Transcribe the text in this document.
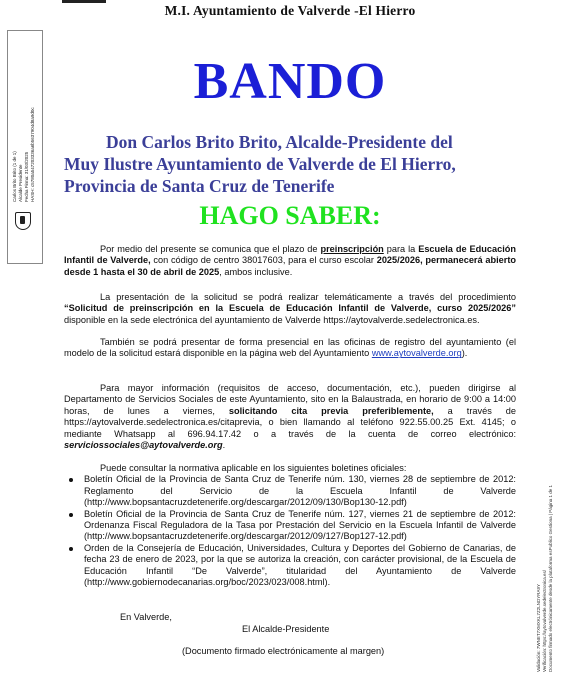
M.I. Ayuntamiento de Valverde -El Hierro
Carlos Brito Brito (1 de 1) Alcalde Presidente Fecha Firma: 31/03/2025 HASH: c5780a547203336a6b5637904d8a9d0c
Validación: 7WNET7XMXKL7Z2LNDYRA9Y Verificación: https://aytovalverde.sedelectronica.es/ Documento firmado electrónicamente desde la plataforma esPublico Gestiona | Página 1 de 1
BANDO
Don Carlos Brito Brito, Alcalde-Presidente del
Muy Ilustre Ayuntamiento de Valverde de El Hierro,
Provincia de Santa Cruz de Tenerife
HAGO SABER:

Por medio del presente se comunica que el plazo de preinscripción para la Escuela de Educación Infantil de Valverde, con código de centro 38017603, para el curso escolar 2025/2026, permanecerá abierto desde 1 hasta el 30 de abril de 2025, ambos inclusive.

La presentación de la solicitud se podrá realizar telemáticamente a través del procedimiento “Solicitud de preinscripción en la Escuela de Educación Infantil de Valverde, curso 2025/2026” disponible en la sede electrónica del ayuntamiento de Valverde https://aytovalverde.sedelectronica.es.

También se podrá presentar de forma presencial en las oficinas de registro del ayuntamiento (el modelo de la solicitud estará disponible en la página web del Ayuntamiento www.aytovalverde.org).

Para mayor información (requisitos de acceso, documentación, etc.), pueden dirigirse al Departamento de Servicios Sociales de este Ayuntamiento, sito en la Balaustrada, en horario de 9:00 a 14:00 horas, de lunes a viernes, solicitando cita previa preferiblemente, a través de https://aytovalverde.sedelectronica.es/citaprevia, o bien llamando al teléfono 922.55.00.25 Ext. 4145; o mediante Whatsapp al 696.94.17.42 o a través de la cuenta de correo electrónico: serviciossociales@aytovalverde.org.

Puede consultar la normativa aplicable en los siguientes boletines oficiales:

Boletín Oficial de la Provincia de Santa Cruz de Tenerife núm. 130, viernes 28 de septiembre de 2012: Reglamento del Servicio de la Escuela Infantil de Valverde (http://www.bopsantacruzdetenerife.org/descargar/2012/09/130/Bop130-12.pdf)
Boletín Oficial de la Provincia de Santa Cruz de Tenerife núm. 127, viernes 21 de septiembre de 2012: Ordenanza Fiscal Reguladora de la Tasa por Prestación del Servicio en la Escuela Infantil de Valverde (http://www.bopsantacruzdetenerife.org/descargar/2012/09/127/Bop127-12.pdf)
Orden de la Consejería de Educación, Universidades, Cultura y Deportes del Gobierno de Canarias, de fecha 23 de enero de 2023, por la que se autoriza la creación, con carácter provisional, de la Escuela de Educación Infantil “De Valverde”, titularidad del Ayuntamiento de Valverde (http://www.gobiernodecanarias.org/boc/2023/023/008.html).
En Valverde,
El Alcalde-Presidente
(Documento firmado electrónicamente al margen)
